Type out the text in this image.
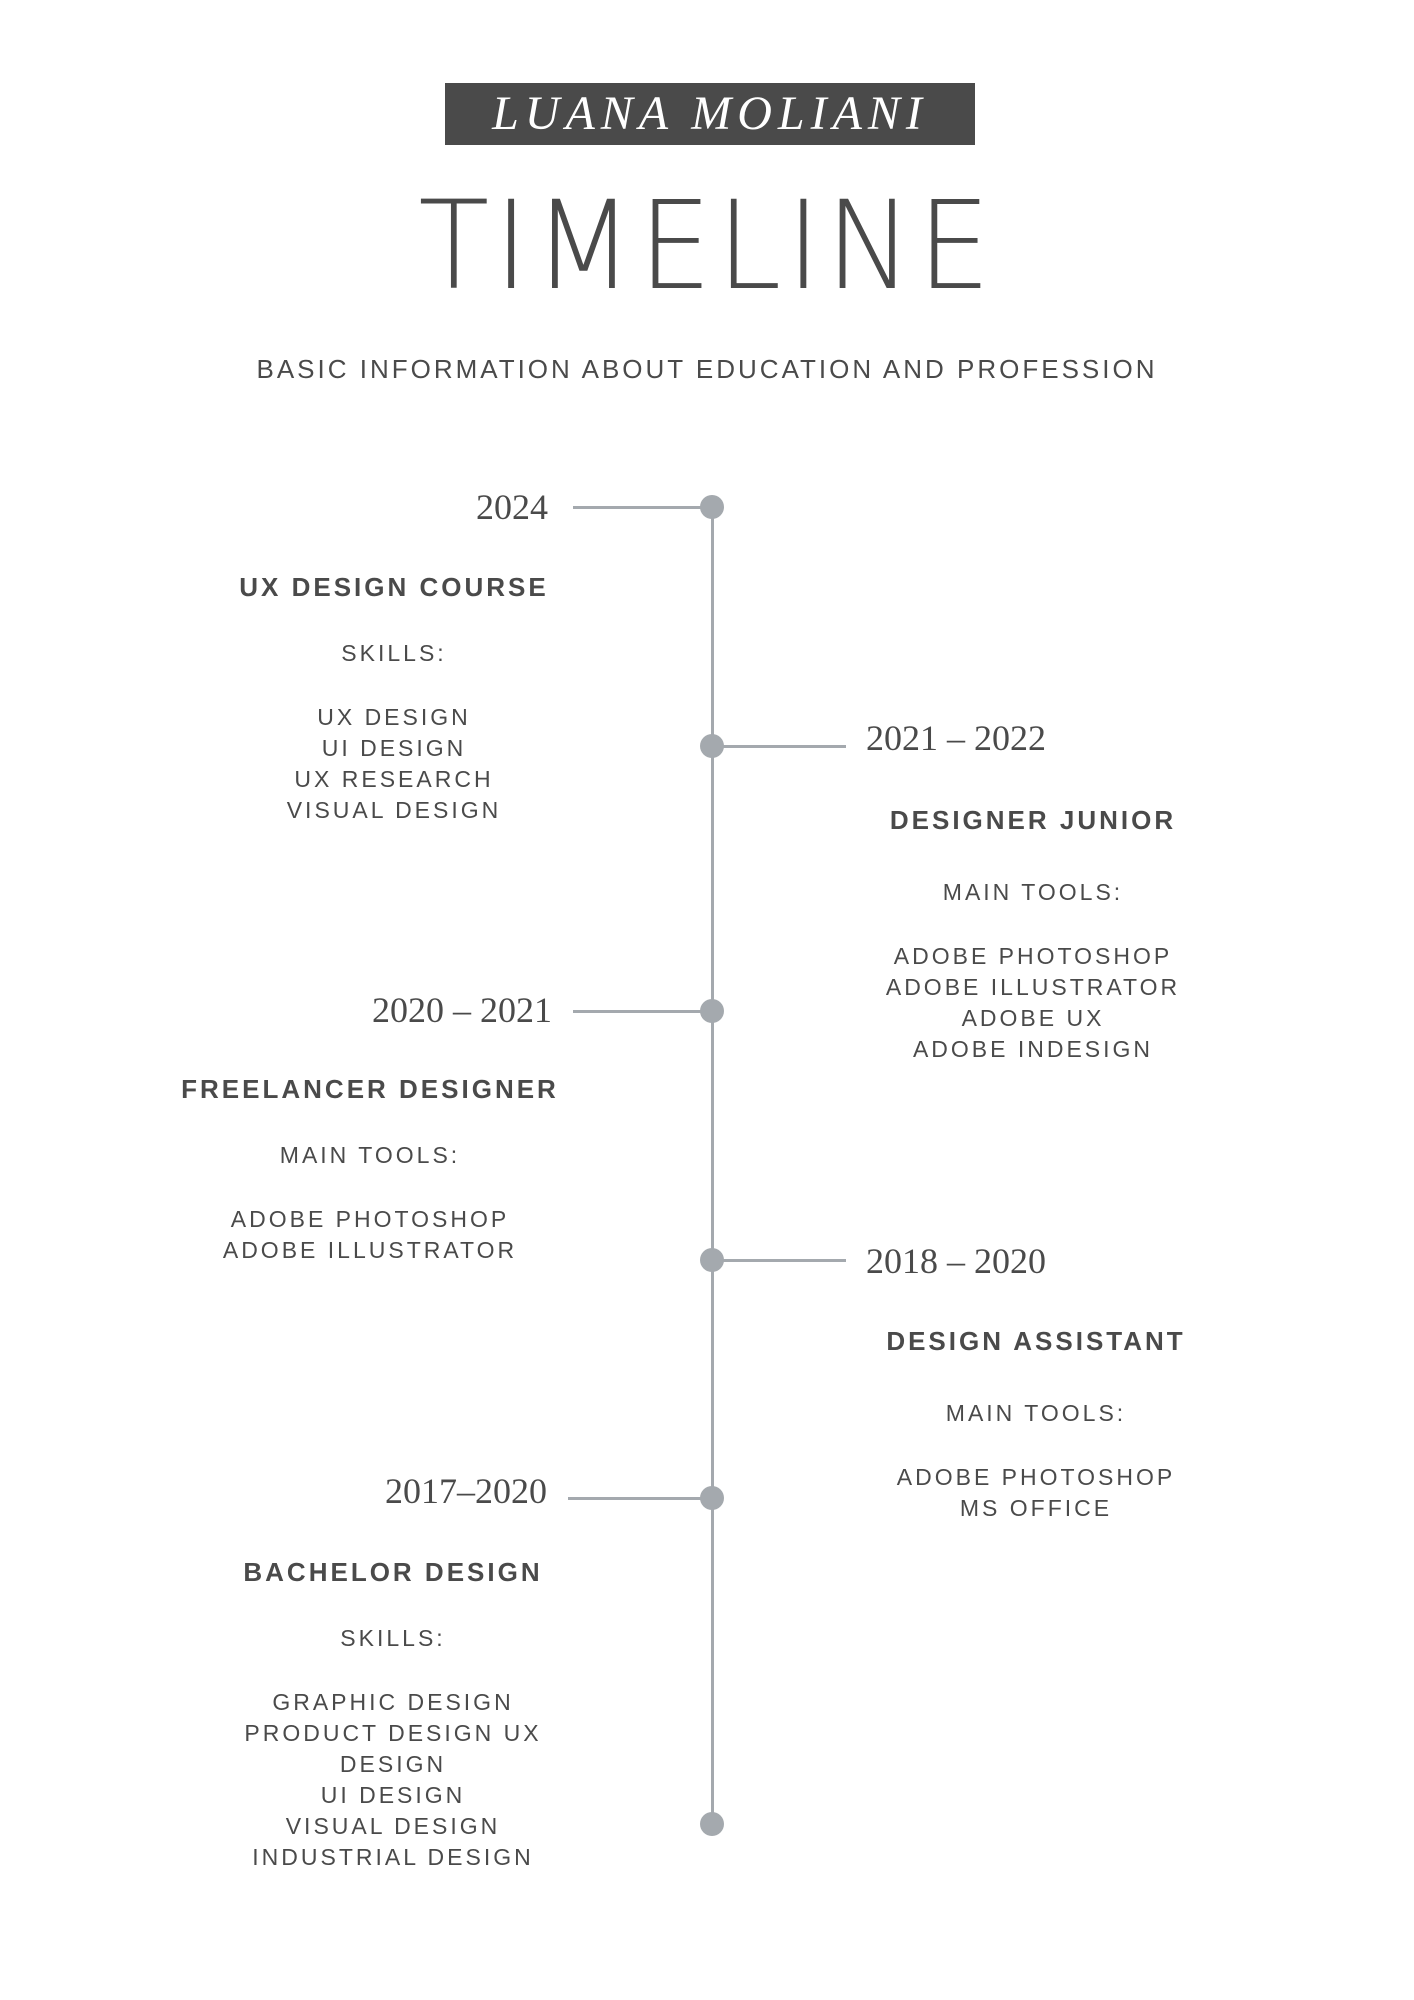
LUANA MOLIANI
TIMELINE
BASIC INFORMATION ABOUT EDUCATION AND PROFESSION
2024
UX DESIGN COURSE
SKILLS:
UX DESIGN
UI DESIGN
UX RESEARCH
VISUAL DESIGN
2021 – 2022
DESIGNER JUNIOR
MAIN TOOLS:
ADOBE PHOTOSHOP
ADOBE ILLUSTRATOR
ADOBE UX
ADOBE INDESIGN
2020 – 2021
FREELANCER DESIGNER
MAIN TOOLS:
ADOBE PHOTOSHOP
ADOBE ILLUSTRATOR	2018 – 2020
DESIGN ASSISTANT
MAIN TOOLS:
ADOBE PHOTOSHOP
MS OFFICE
2017–2020
BACHELOR DESIGN
SKILLS:
GRAPHIC DESIGN
PRODUCT DESIGN UX
DESIGN
UI DESIGN
VISUAL DESIGN
INDUSTRIAL DESIGN
